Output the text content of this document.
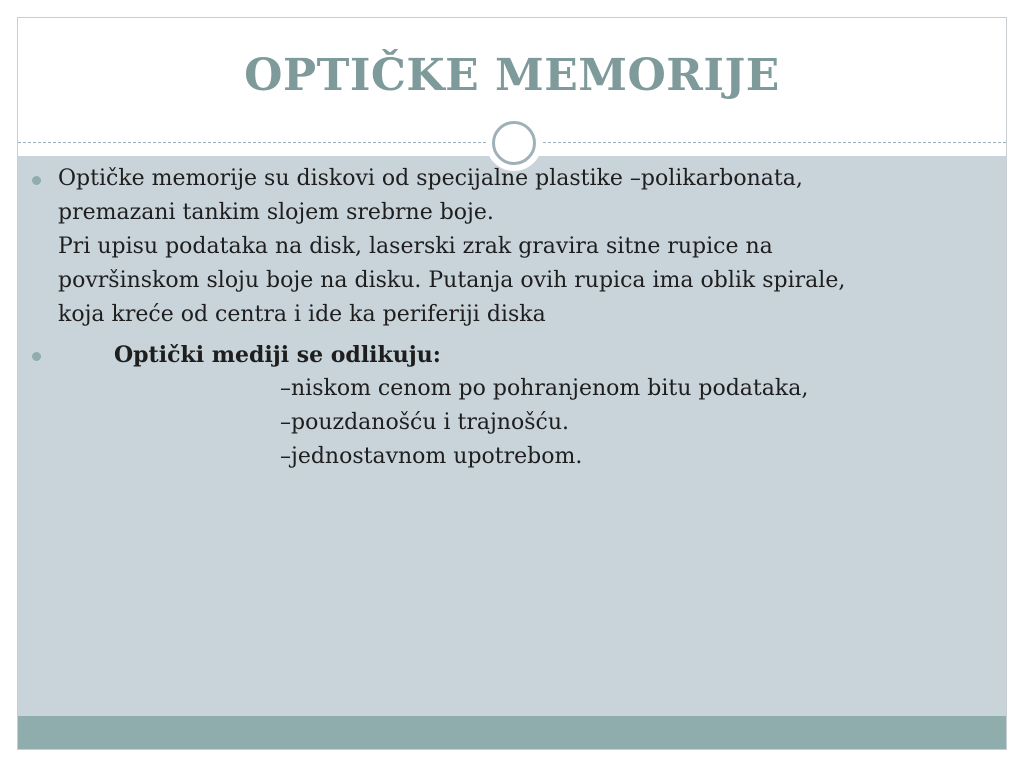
OPTIČKE MEMORIJE
Optičke memorije su diskovi od specijalne plastike –polikarbonata,
premazani tankim slojem srebrne boje.
Pri upisu podataka na disk, laserski zrak gravira sitne rupice na
površinskom sloju boje na disku. Putanja ovih rupica ima oblik spirale,
koja kreće od centra i ide ka periferiji diska
Optički mediji se odlikuju:
–niskom cenom po pohranjenom bitu podataka,
–pouzdanošću i trajnošću.
–jednostavnom upotrebom.
